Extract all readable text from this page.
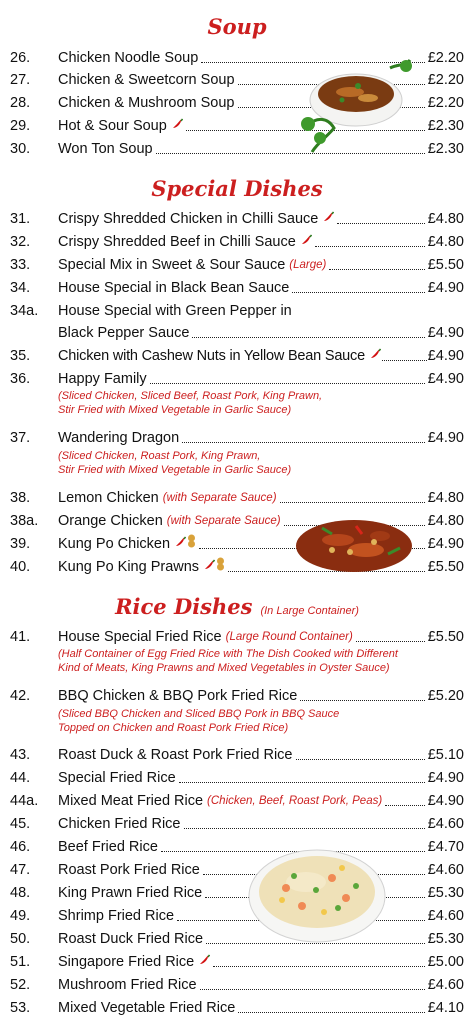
Soup
26.	Chicken Noodle Soup	£2.20
27.	Chicken & Sweetcorn Soup	£2.20
28.	Chicken & Mushroom Soup	£2.20
29.	Hot & Sour Soup	£2.30
30.	Won Ton Soup	£2.30
Special Dishes
31.	Crispy Shredded Chicken in Chilli Sauce	£4.80
32.	Crispy Shredded Beef in Chilli Sauce	£4.80
33.	Special Mix in Sweet & Sour Sauce (Large)	£5.50
34.	House Special in Black Bean Sauce	£4.90
34a.	House Special with Green Pepper in
Black Pepper Sauce	£4.90
35.	Chicken with Cashew Nuts in Yellow Bean Sauce	£4.90
36.	Happy Family	£4.90
(Sliced Chicken, Sliced Beef, Roast Pork, King Prawn,
Stir Fried with Mixed Vegetable in Garlic Sauce)
37.	Wandering Dragon	£4.90
(Sliced Chicken, Roast Pork, King Prawn,
Stir Fried with Mixed Vegetable in Garlic Sauce)
38.	Lemon Chicken (with Separate Sauce)	£4.80
38a.	Orange Chicken (with Separate Sauce)	£4.80
39.	Kung Po Chicken	£4.90
40.	Kung Po King Prawns	£5.50
Rice Dishes (In Large Container)
41.	House Special Fried Rice (Large Round Container)	£5.50
(Half Container of Egg Fried Rice with The Dish Cooked with Different
Kind of Meats, King Prawns and Mixed Vegetables in Oyster Sauce)
42.	BBQ Chicken & BBQ Pork Fried Rice	£5.20
(Sliced BBQ Chicken and Sliced BBQ Pork in BBQ Sauce
Topped on Chicken and Roast Pork Fried Rice)
43.	Roast Duck & Roast Pork Fried Rice	£5.10
44.	Special Fried Rice	£4.90
44a.	Mixed Meat Fried Rice (Chicken, Beef, Roast Pork, Peas)	£4.90
45.	Chicken Fried Rice	£4.60
46.	Beef Fried Rice	£4.70
47.	Roast Pork Fried Rice	£4.60
48.	King Prawn Fried Rice	£5.30
49.	Shrimp Fried Rice	£4.60
50.	Roast Duck Fried Rice	£5.30
51.	Singapore Fried Rice	£5.00
52.	Mushroom Fried Rice	£4.60
53.	Mixed Vegetable Fried Rice	£4.10
